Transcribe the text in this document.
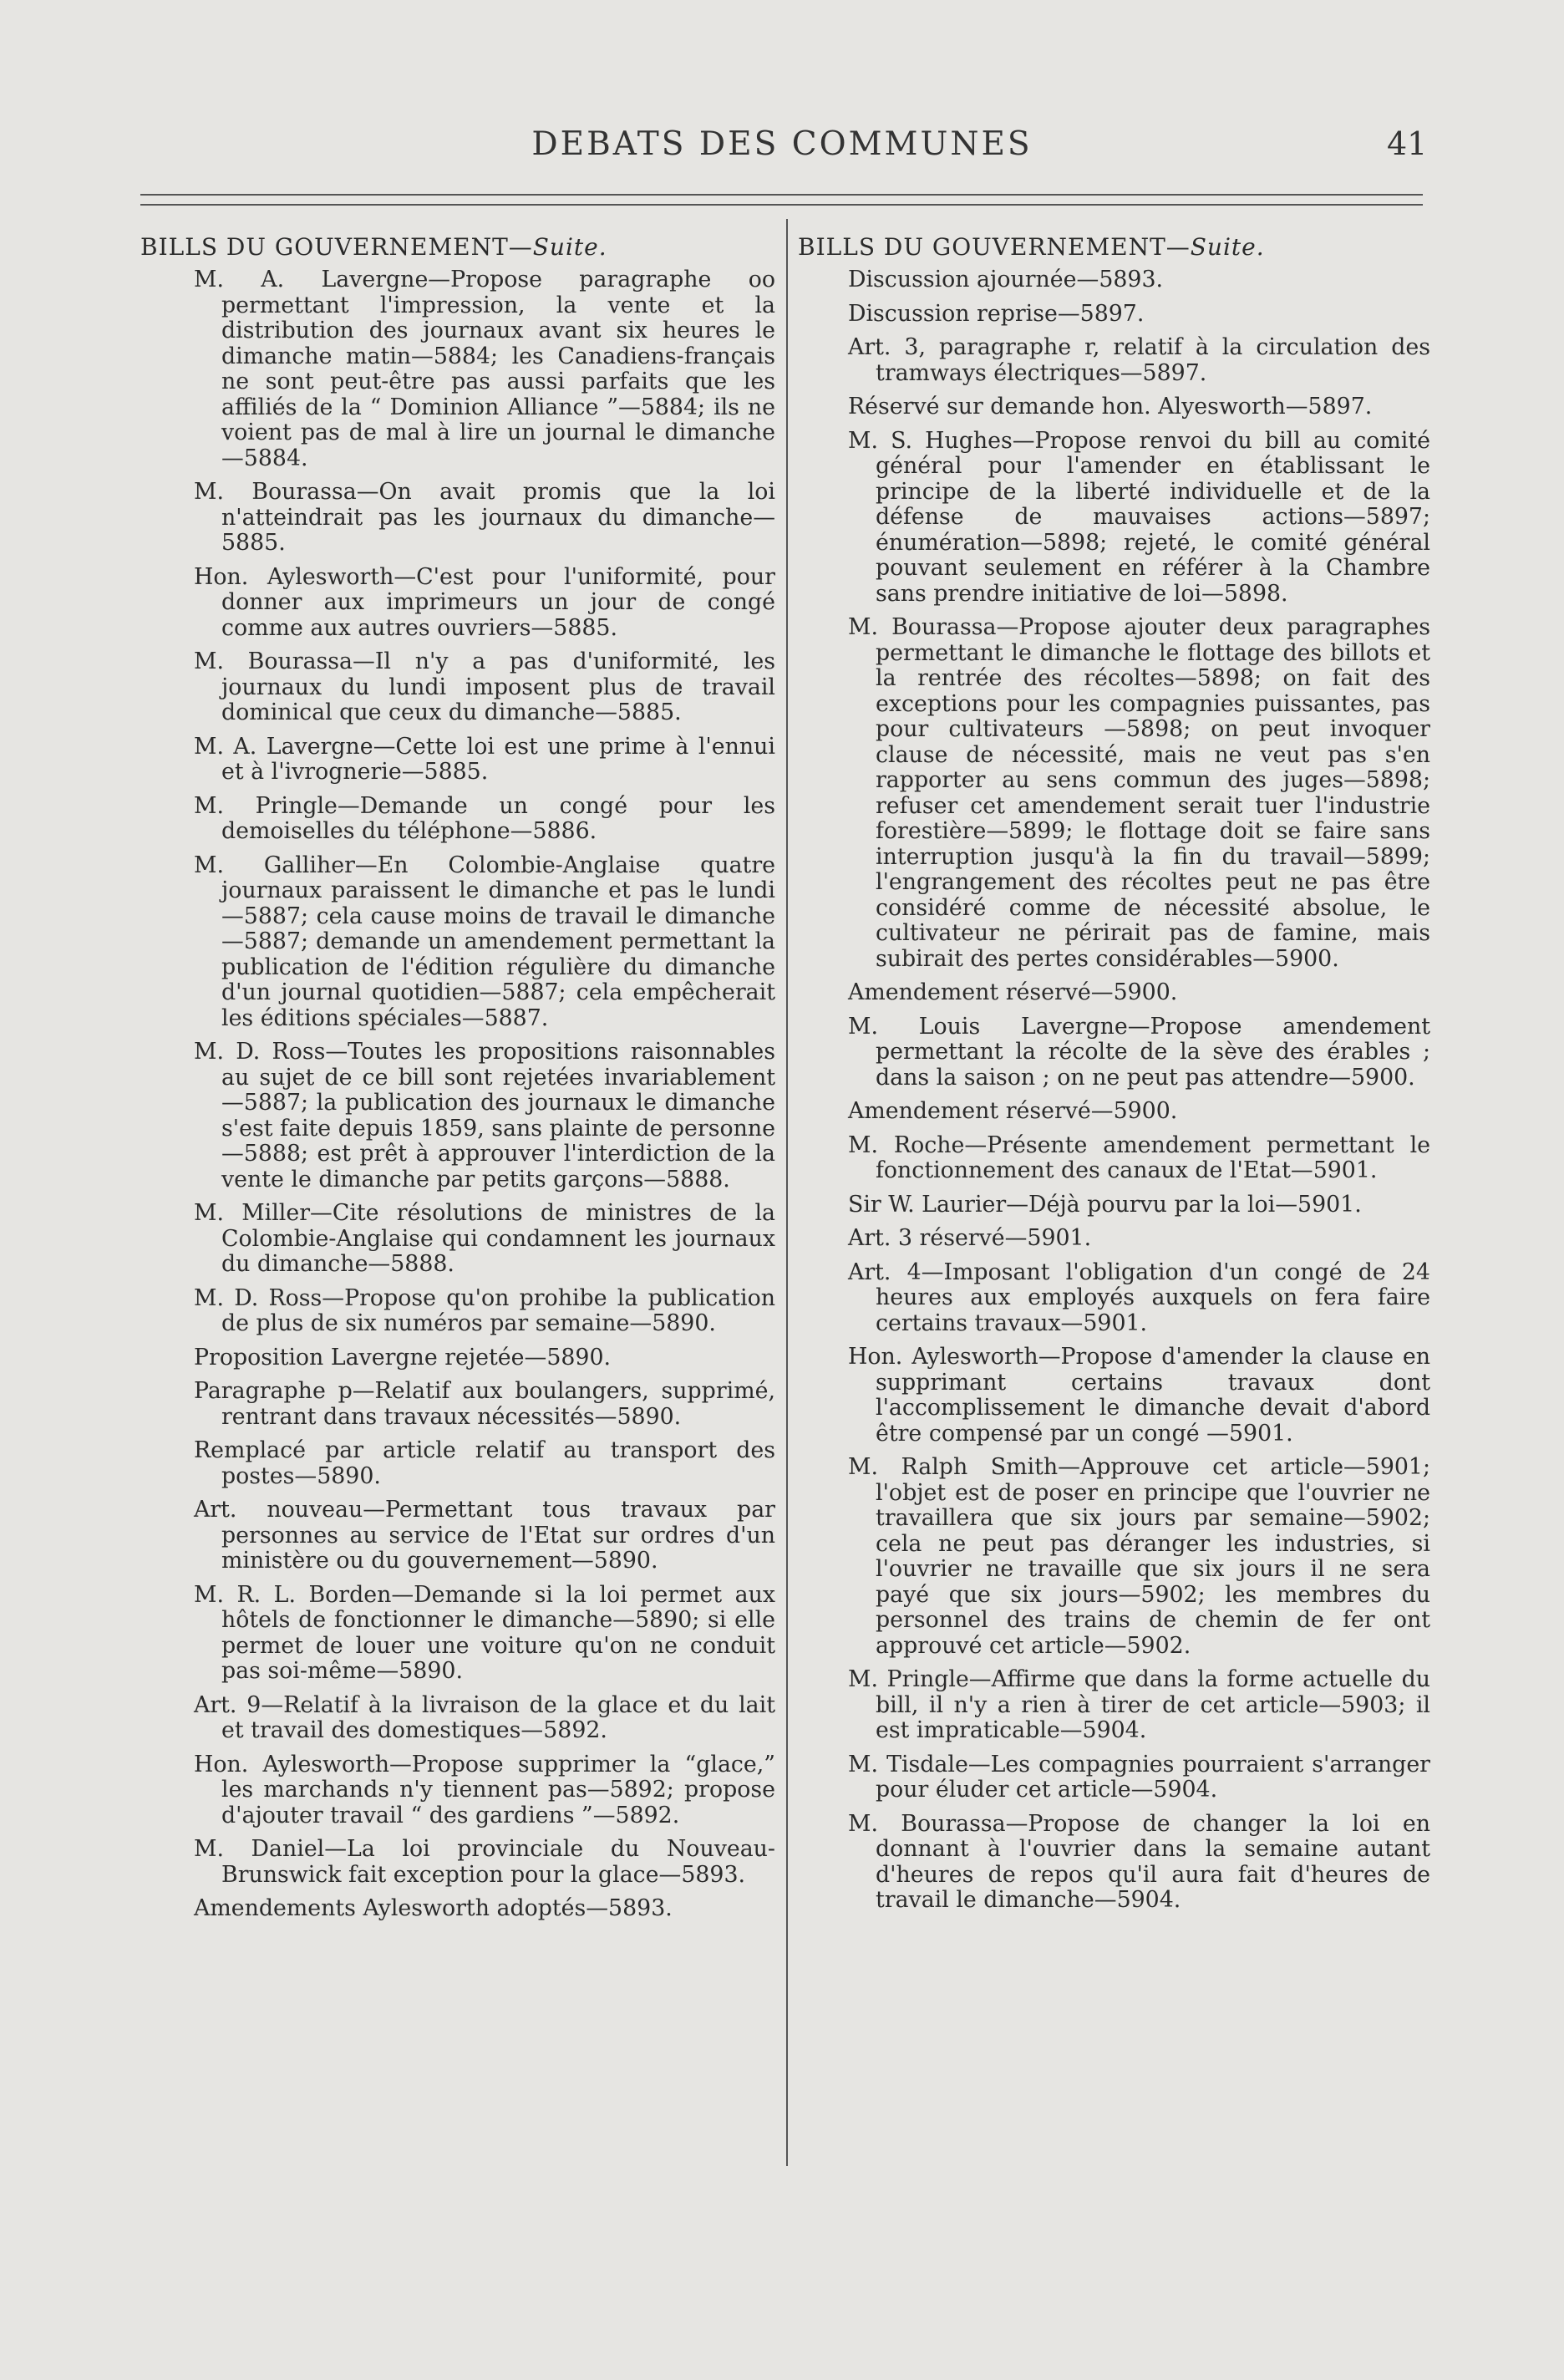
DEBATS DES COMMUNES	41
BILLS DU GOUVERNEMENT—Suite.

M. A. Lavergne—Propose paragraphe oo permettant l'impression, la vente et la distribution des journaux avant six heures le dimanche matin—5884; les Canadiens-français ne sont peut-être pas aussi parfaits que les affiliés de la “ Dominion Alliance ”—5884; ils ne voient pas de mal à lire un journal le dimanche—5884.

M. Bourassa—On avait promis que la loi n'atteindrait pas les journaux du dimanche—5885.

Hon. Aylesworth—C'est pour l'uniformité, pour donner aux imprimeurs un jour de congé comme aux autres ouvriers—5885.

M. Bourassa—Il n'y a pas d'uniformité, les journaux du lundi imposent plus de travail dominical que ceux du dimanche—5885.

M. A. Lavergne—Cette loi est une prime à l'ennui et à l'ivrognerie—5885.

M. Pringle—Demande un congé pour les demoiselles du téléphone—5886.

M. Galliher—En Colombie-Anglaise quatre journaux paraissent le dimanche et pas le lundi—5887; cela cause moins de travail le dimanche—5887; demande un amendement permettant la publication de l'édition régulière du dimanche d'un journal quotidien—5887; cela empêcherait les éditions spéciales—5887.

M. D. Ross—Toutes les propositions raisonnables au sujet de ce bill sont rejetées invariablement—5887; la publication des journaux le dimanche s'est faite depuis 1859, sans plainte de personne —5888; est prêt à approuver l'interdiction de la vente le dimanche par petits garçons—5888.

M. Miller—Cite résolutions de ministres de la Colombie-Anglaise qui condamnent les journaux du dimanche—5888.

M. D. Ross—Propose qu'on prohibe la publication de plus de six numéros par semaine—5890.

Proposition Lavergne rejetée—5890.

Paragraphe p—Relatif aux boulangers, supprimé, rentrant dans travaux nécessités—5890.

Remplacé par article relatif au transport des postes—5890.

Art. nouveau—Permettant tous travaux par personnes au service de l'Etat sur ordres d'un ministère ou du gouvernement—5890.

M. R. L. Borden—Demande si la loi permet aux hôtels de fonctionner le dimanche—5890; si elle permet de louer une voiture qu'on ne conduit pas soi-même—5890.

Art. 9—Relatif à la livraison de la glace et du lait et travail des domestiques—5892.

Hon. Aylesworth—Propose supprimer la “glace,” les marchands n'y tiennent pas—5892; propose d'ajouter travail “ des gardiens ”—5892.

M. Daniel—La loi provinciale du Nouveau-Brunswick fait exception pour la glace—5893.

Amendements Aylesworth adoptés—5893.

BILLS DU GOUVERNEMENT—Suite.

Discussion ajournée—5893.

Discussion reprise—5897.

Art. 3, paragraphe r, relatif à la circulation des tramways électriques—5897.

Réservé sur demande hon. Alyesworth—5897.

M. S. Hughes—Propose renvoi du bill au comité général pour l'amender en établissant le principe de la liberté individuelle et de la défense de mauvaises actions—5897; énumération—5898; rejeté, le comité général pouvant seulement en référer à la Chambre sans prendre initiative de loi—5898.

M. Bourassa—Propose ajouter deux paragraphes permettant le dimanche le flottage des billots et la rentrée des récoltes—5898; on fait des exceptions pour les compagnies puissantes, pas pour cultivateurs —5898; on peut invoquer clause de nécessité, mais ne veut pas s'en rapporter au sens commun des juges—5898; refuser cet amendement serait tuer l'industrie forestière—5899; le flottage doit se faire sans interruption jusqu'à la fin du travail—5899; l'engrangement des récoltes peut ne pas être considéré comme de nécessité absolue, le cultivateur ne périrait pas de famine, mais subirait des pertes considérables—5900.

Amendement réservé—5900.

M. Louis Lavergne—Propose amendement permettant la récolte de la sève des érables ; dans la saison ; on ne peut pas attendre—5900.

Amendement réservé—5900.

M. Roche—Présente amendement permettant le fonctionnement des canaux de l'Etat—5901.

Sir W. Laurier—Déjà pourvu par la loi—5901.

Art. 3 réservé—5901.

Art. 4—Imposant l'obligation d'un congé de 24 heures aux employés auxquels on fera faire certains travaux—5901.

Hon. Aylesworth—Propose d'amender la clause en supprimant certains travaux dont l'accomplissement le dimanche devait d'abord être compensé par un congé —5901.

M. Ralph Smith—Approuve cet article—5901; l'objet est de poser en principe que l'ouvrier ne travaillera que six jours par semaine—5902; cela ne peut pas déranger les industries, si l'ouvrier ne travaille que six jours il ne sera payé que six jours—5902; les membres du personnel des trains de chemin de fer ont approuvé cet article—5902.

M. Pringle—Affirme que dans la forme actuelle du bill, il n'y a rien à tirer de cet article—5903; il est impraticable—5904.

M. Tisdale—Les compagnies pourraient s'arranger pour éluder cet article—5904.

M. Bourassa—Propose de changer la loi en donnant à l'ouvrier dans la semaine autant d'heures de repos qu'il aura fait d'heures de travail le dimanche—5904.
